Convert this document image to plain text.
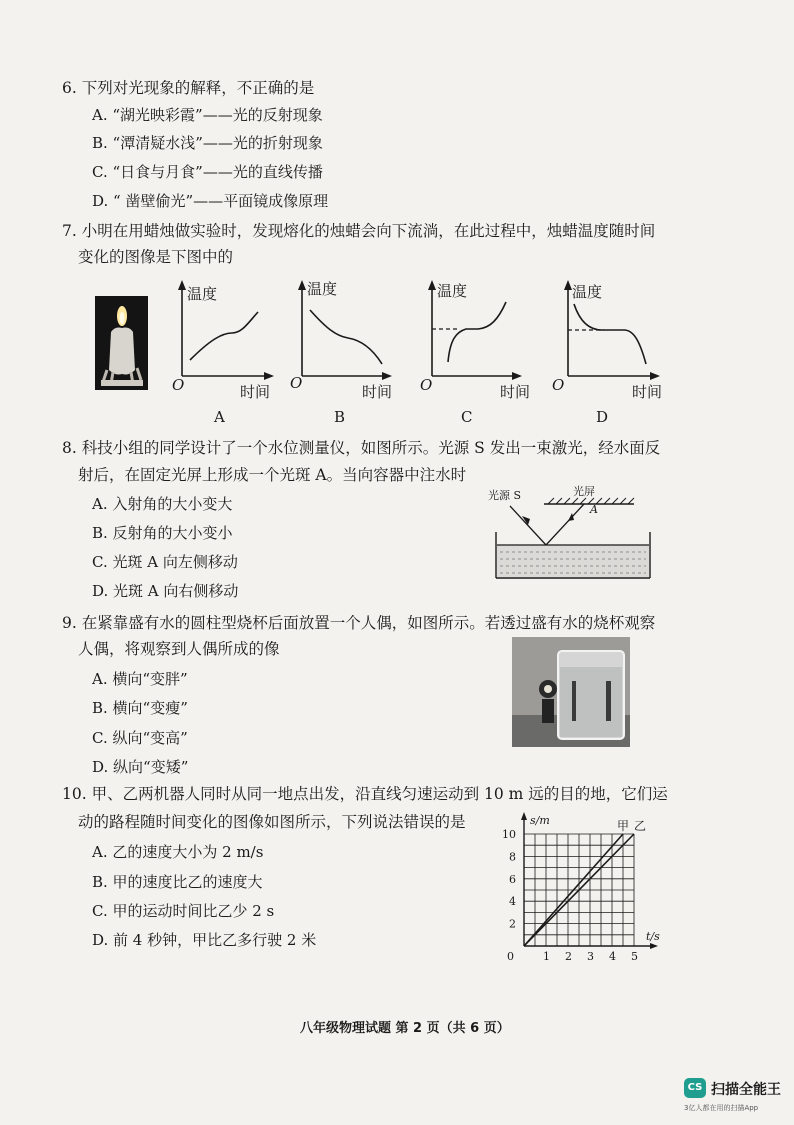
6. 下列对光现象的解释，不正确的是
A. “湖光映彩霞”——光的反射现象
B. “潭清疑水浅”——光的折射现象
C. “日食与月食”——光的直线传播
D. “ 凿壁偷光”——平面镜成像原理
7. 小明在用蜡烛做实验时，发现熔化的烛蜡会向下流淌，在此过程中，烛蜡温度随时间
变化的图像是下图中的
温度	温度	温度	温度
时间	时间	时间	时间
O	O	O	O
A	B	C	D
8. 科技小组的同学设计了一个水位测量仪，如图所示。光源 S 发出一束激光，经水面反
射后，在固定光屏上形成一个光斑 A。当向容器中注水时
A. 入射角的大小变大
B. 反射角的大小变小
C. 光斑 A 向左侧移动
D. 光斑 A 向右侧移动
光源 S	光屏
A
9. 在紧靠盛有水的圆柱型烧杯后面放置一个人偶，如图所示。若透过盛有水的烧杯观察
人偶，将观察到人偶所成的像
A. 横向“变胖”
B. 横向“变瘦”
C. 纵向“变高”
D. 纵向“变矮”
10. 甲、乙两机器人同时从同一地点出发，沿直线匀速运动到 10 m 远的目的地，它们运
动的路程随时间变化的图像如图所示，下列说法错误的是
A. 乙的速度大小为 2 m/s
B. 甲的速度比乙的速度大
C. 甲的运动时间比乙少 2 s
D. 前 4 秒钟，甲比乙多行驶 2 米
s/m
t/s
0	1 2 3 4 5
2
4
6
8
10
甲 乙
八年级物理试题 第 2 页（共 6 页）
CS 扫描全能王
3亿人都在用的扫描App
